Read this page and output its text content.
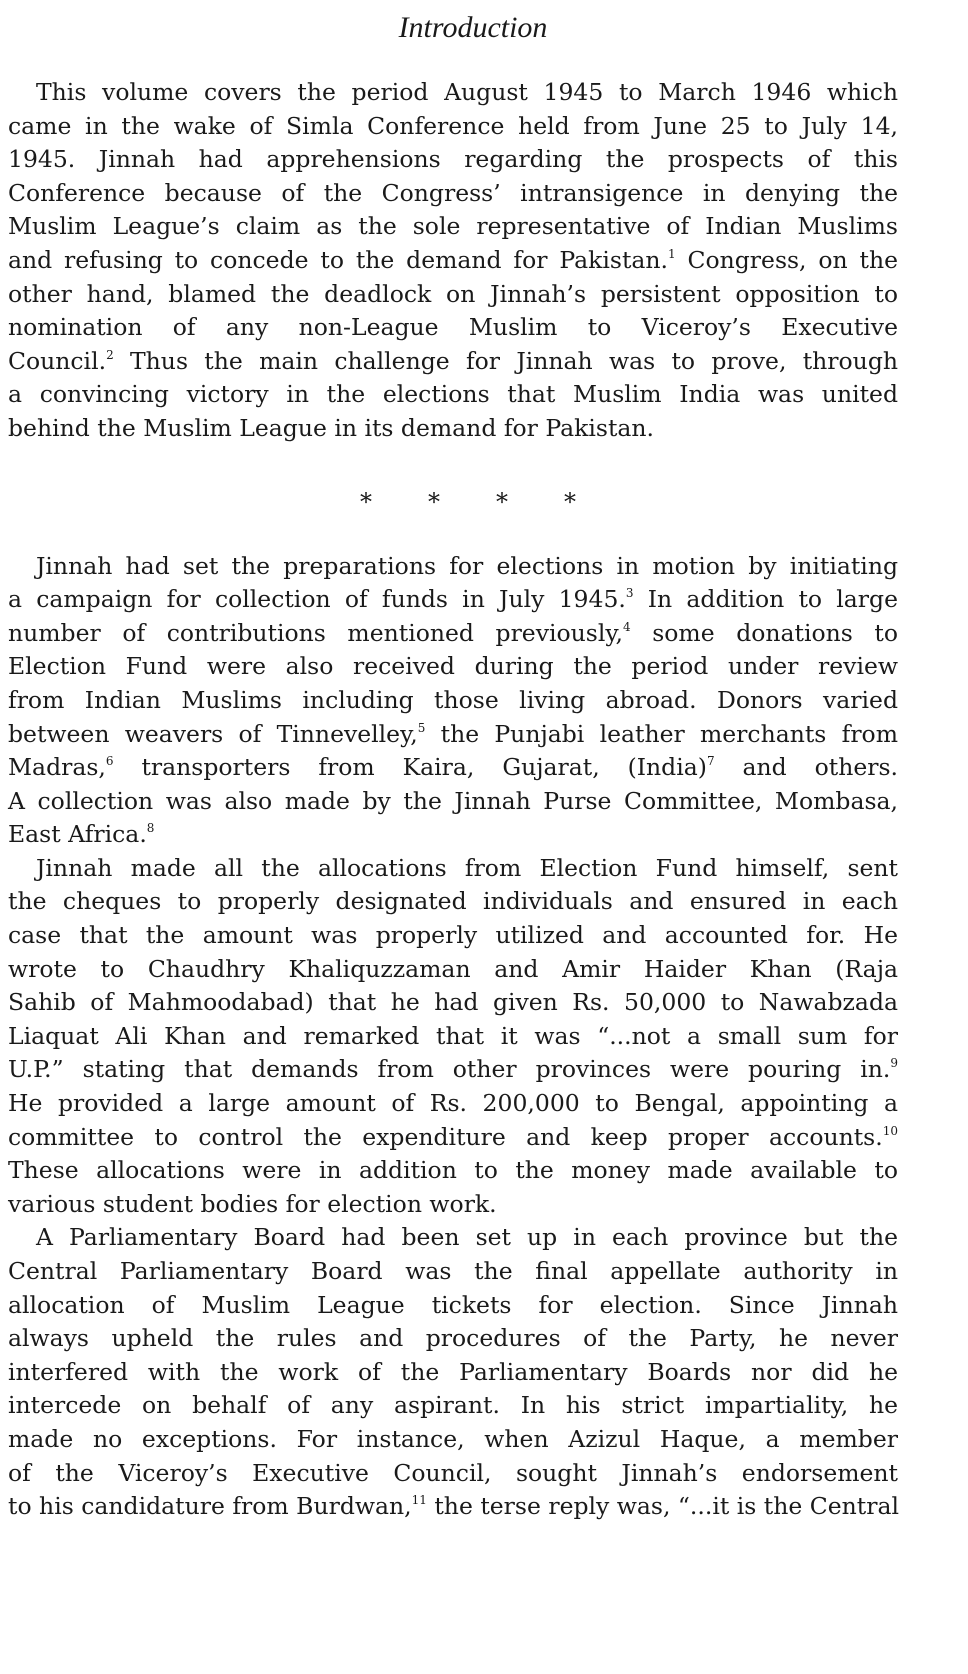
Introduction
This volume covers the period August 1945 to March 1946 which
came in the wake of Simla Conference held from June 25 to July 14,
1945. Jinnah had apprehensions regarding the prospects of this
Conference because of the Congress’ intransigence in denying the
Muslim League’s claim as the sole representative of Indian Muslims
and refusing to concede to the demand for Pakistan.$^1$ Congress, on the
other hand, blamed the deadlock on Jinnah’s persistent opposition to
nomination of any non-League Muslim to Viceroy’s Executive
Council.$^2$ Thus the main challenge for Jinnah was to prove, through
a convincing victory in the elections that Muslim India was united
behind the Muslim League in its demand for Pakistan.
* * * *
Jinnah had set the preparations for elections in motion by initiating
a campaign for collection of funds in July 1945.$^3$ In addition to large
number of contributions mentioned previously,$^4$ some donations to
Election Fund were also received during the period under review
from Indian Muslims including those living abroad. Donors varied
between weavers of Tinnevelley,$^5$ the Punjabi leather merchants from
Madras,$^6$ transporters from Kaira, Gujarat, (India)$^7$ and others.
A collection was also made by the Jinnah Purse Committee, Mombasa,
East Africa.$^8$
Jinnah made all the allocations from Election Fund himself, sent
the cheques to properly designated individuals and ensured in each
case that the amount was properly utilized and accounted for. He
wrote to Chaudhry Khaliquzzaman and Amir Haider Khan (Raja
Sahib of Mahmoodabad) that he had given Rs. 50,000 to Nawabzada
Liaquat Ali Khan and remarked that it was “...not a small sum for
U.P.” stating that demands from other provinces were pouring in.$^9$
He provided a large amount of Rs. 200,000 to Bengal, appointing a
committee to control the expenditure and keep proper accounts.$^{10}$
These allocations were in addition to the money made available to
various student bodies for election work.
A Parliamentary Board had been set up in each province but the
Central Parliamentary Board was the final appellate authority in
allocation of Muslim League tickets for election. Since Jinnah
always upheld the rules and procedures of the Party, he never
interfered with the work of the Parliamentary Boards nor did he
intercede on behalf of any aspirant. In his strict impartiality, he
made no exceptions. For instance, when Azizul Haque, a member
of the Viceroy’s Executive Council, sought Jinnah’s endorsement
to his candidature from Burdwan,$^{11}$ the terse reply was, “...it is the Central
